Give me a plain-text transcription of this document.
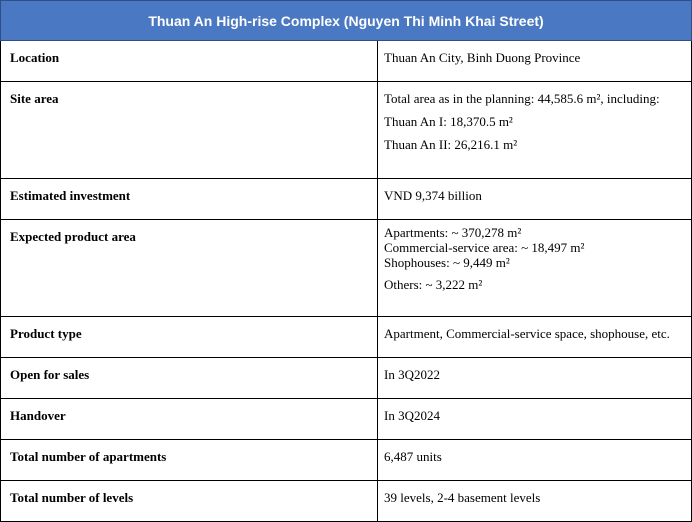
Thuan An High-rise Complex (Nguyen Thi Minh Khai Street)	
Location	Thuan An City, Binh Duong Province

Site area	Total area as in the planning: 44,585.6 m², including:

Thuan An I: 18,370.5 m²

Thuan An II: 26,216.1 m²

Estimated investment	VND 9,374 billion

Expected product area	Apartments: ~ 370,278 m²

Commercial-service area: ~ 18,497 m²

Shophouses: ~ 9,449 m²

Others: ~ 3,222 m²

Product type	Apartment, Commercial-service space, shophouse, etc.

Open for sales	In 3Q2022

Handover	In 3Q2024

Total number of apartments	6,487 units

Total number of levels	39 levels, 2-4 basement levels
